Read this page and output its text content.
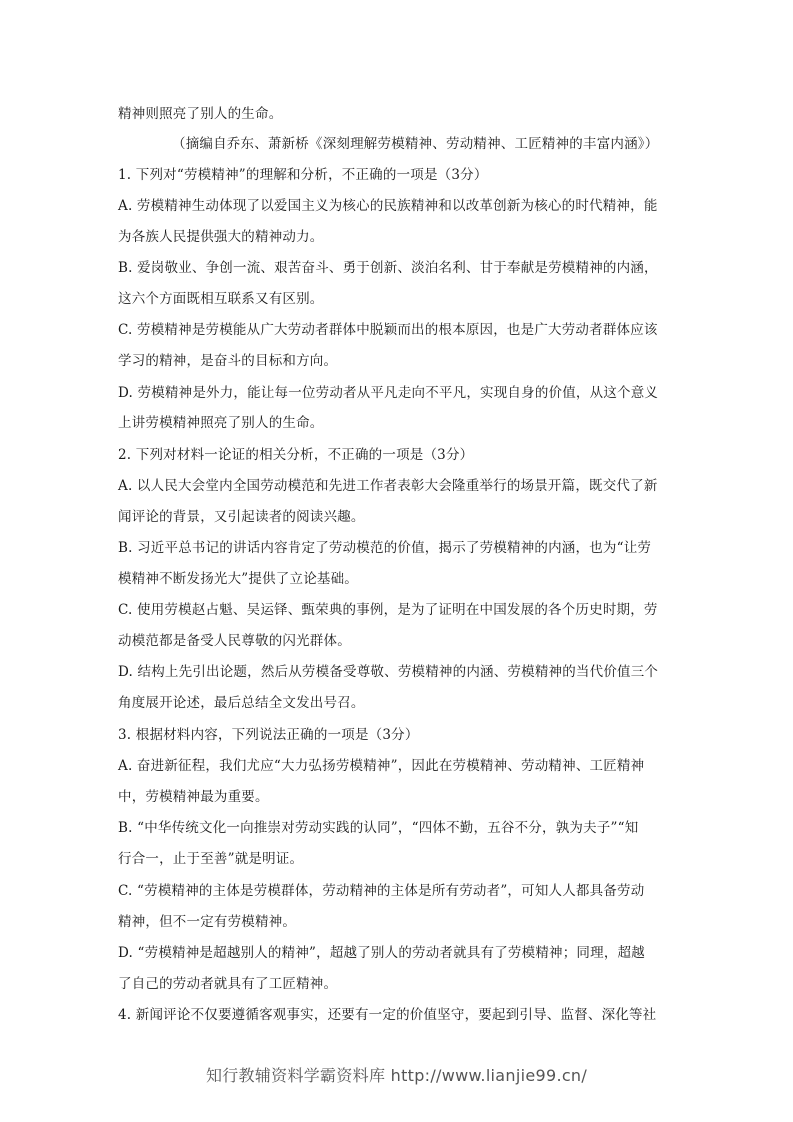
精神则照亮了别人的生命。
（摘编自乔东、萧新桥《深刻理解劳模精神、劳动精神、工匠精神的丰富内涵》）
1. 下列对“劳模精神”的理解和分析，不正确的一项是（3分）
A. 劳模精神生动体现了以爱国主义为核心的民族精神和以改革创新为核心的时代精神，能
为各族人民提供强大的精神动力。
B. 爱岗敬业、争创一流、艰苦奋斗、勇于创新、淡泊名利、甘于奉献是劳模精神的内涵，
这六个方面既相互联系又有区别。
C. 劳模精神是劳模能从广大劳动者群体中脱颖而出的根本原因，也是广大劳动者群体应该
学习的精神，是奋斗的目标和方向。
D. 劳模精神是外力，能让每一位劳动者从平凡走向不平凡，实现自身的价值，从这个意义
上讲劳模精神照亮了别人的生命。
2. 下列对材料一论证的相关分析，不正确的一项是（3分）
A. 以人民大会堂内全国劳动模范和先进工作者表彰大会隆重举行的场景开篇，既交代了新
闻评论的背景，又引起读者的阅读兴趣。
B. 习近平总书记的讲话内容肯定了劳动模范的价值，揭示了劳模精神的内涵，也为“让劳
模精神不断发扬光大”提供了立论基础。
C. 使用劳模赵占魁、吴运铎、甄荣典的事例，是为了证明在中国发展的各个历史时期，劳
动模范都是备受人民尊敬的闪光群体。
D. 结构上先引出论题，然后从劳模备受尊敬、劳模精神的内涵、劳模精神的当代价值三个
角度展开论述，最后总结全文发出号召。
3. 根据材料内容，下列说法正确的一项是（3分）
A. 奋进新征程，我们尤应“大力弘扬劳模精神”，因此在劳模精神、劳动精神、工匠精神
中，劳模精神最为重要。
B. “中华传统文化一向推崇对劳动实践的认同”，“四体不勤，五谷不分，孰为夫子”“知
行合一，止于至善”就是明证。
C. “劳模精神的主体是劳模群体，劳动精神的主体是所有劳动者”，可知人人都具备劳动
精神，但不一定有劳模精神。
D. “劳模精神是超越别人的精神”，超越了别人的劳动者就具有了劳模精神；同理，超越
了自己的劳动者就具有了工匠精神。
4. 新闻评论不仅要遵循客观事实，还要有一定的价值坚守，要起到引导、监督、深化等社
知行教辅资料学霸资料库 http://www.lianjie99.cn/
